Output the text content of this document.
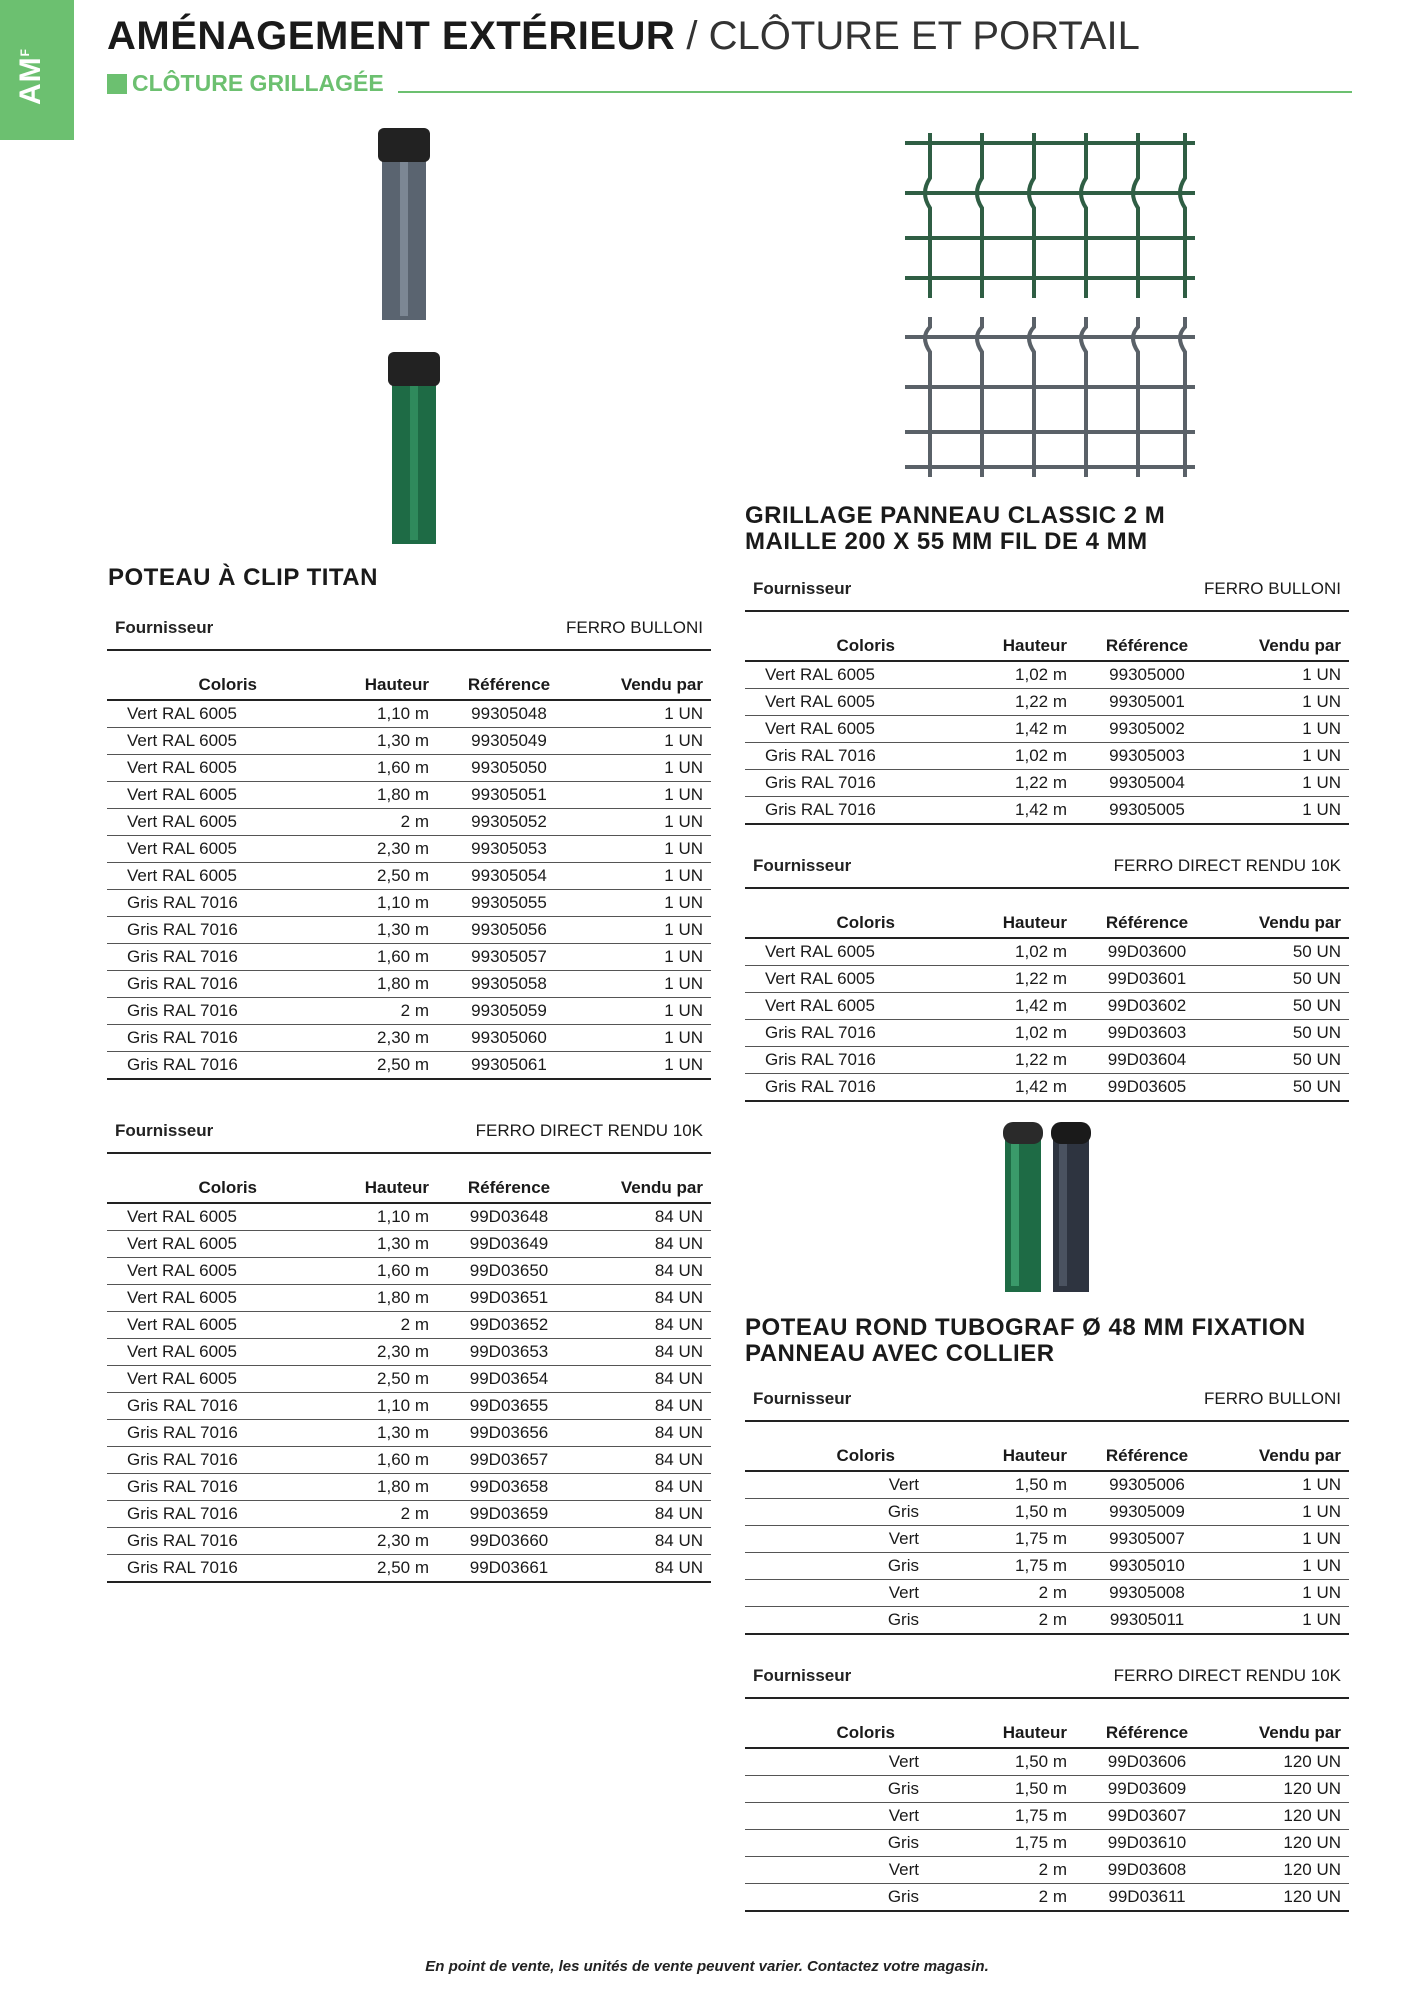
$AM^F$	AMÉNAGEMENT EXTÉRIEUR / CLÔTURE ET PORTAIL
CLÔTURE GRILLAGÉE
POTEAU À CLIP TITAN
GRILLAGE PANNEAU CLASSIC 2 M
MAILLE 200 X 55 MM FIL DE 4 MM
POTEAU ROND TUBOGRAF Ø 48 MM FIXATION
PANNEAU AVEC COLLIER
Fournisseur	FERRO BULLONI
Coloris	Hauteur	Référence	Vendu par
Vert RAL 6005	1,10 m	99305048	1 UN
Vert RAL 6005	1,30 m	99305049	1 UN
Vert RAL 6005	1,60 m	99305050	1 UN
Vert RAL 6005	1,80 m	99305051	1 UN
Vert RAL 6005	2 m	99305052	1 UN
Vert RAL 6005	2,30 m	99305053	1 UN
Vert RAL 6005	2,50 m	99305054	1 UN
Gris RAL 7016	1,10 m	99305055	1 UN
Gris RAL 7016	1,30 m	99305056	1 UN
Gris RAL 7016	1,60 m	99305057	1 UN
Gris RAL 7016	1,80 m	99305058	1 UN
Gris RAL 7016	2 m	99305059	1 UN
Gris RAL 7016	2,30 m	99305060	1 UN
Gris RAL 7016	2,50 m	99305061	1 UN
Fournisseur	FERRO DIRECT RENDU 10K
Coloris	Hauteur	Référence	Vendu par
Vert RAL 6005	1,10 m	99D03648	84 UN
Vert RAL 6005	1,30 m	99D03649	84 UN
Vert RAL 6005	1,60 m	99D03650	84 UN
Vert RAL 6005	1,80 m	99D03651	84 UN
Vert RAL 6005	2 m	99D03652	84 UN
Vert RAL 6005	2,30 m	99D03653	84 UN
Vert RAL 6005	2,50 m	99D03654	84 UN
Gris RAL 7016	1,10 m	99D03655	84 UN
Gris RAL 7016	1,30 m	99D03656	84 UN
Gris RAL 7016	1,60 m	99D03657	84 UN
Gris RAL 7016	1,80 m	99D03658	84 UN
Gris RAL 7016	2 m	99D03659	84 UN
Gris RAL 7016	2,30 m	99D03660	84 UN
Gris RAL 7016	2,50 m	99D03661	84 UN
Fournisseur	FERRO BULLONI
Coloris	Hauteur	Référence	Vendu par
Vert RAL 6005	1,02 m	99305000	1 UN
Vert RAL 6005	1,22 m	99305001	1 UN
Vert RAL 6005	1,42 m	99305002	1 UN
Gris RAL 7016	1,02 m	99305003	1 UN
Gris RAL 7016	1,22 m	99305004	1 UN
Gris RAL 7016	1,42 m	99305005	1 UN
Fournisseur	FERRO DIRECT RENDU 10K
Coloris	Hauteur	Référence	Vendu par
Vert RAL 6005	1,02 m	99D03600	50 UN
Vert RAL 6005	1,22 m	99D03601	50 UN
Vert RAL 6005	1,42 m	99D03602	50 UN
Gris RAL 7016	1,02 m	99D03603	50 UN
Gris RAL 7016	1,22 m	99D03604	50 UN
Gris RAL 7016	1,42 m	99D03605	50 UN
Fournisseur	FERRO BULLONI
Coloris	Hauteur	Référence	Vendu par
Vert	1,50 m	99305006	1 UN
Gris	1,50 m	99305009	1 UN
Vert	1,75 m	99305007	1 UN
Gris	1,75 m	99305010	1 UN
Vert	2 m	99305008	1 UN
Gris	2 m	99305011	1 UN
Fournisseur	FERRO DIRECT RENDU 10K
Coloris	Hauteur	Référence	Vendu par
Vert	1,50 m	99D03606	120 UN
Gris	1,50 m	99D03609	120 UN
Vert	1,75 m	99D03607	120 UN
Gris	1,75 m	99D03610	120 UN
Vert	2 m	99D03608	120 UN
Gris	2 m	99D03611	120 UN
En point de vente, les unités de vente peuvent varier. Contactez votre magasin.
